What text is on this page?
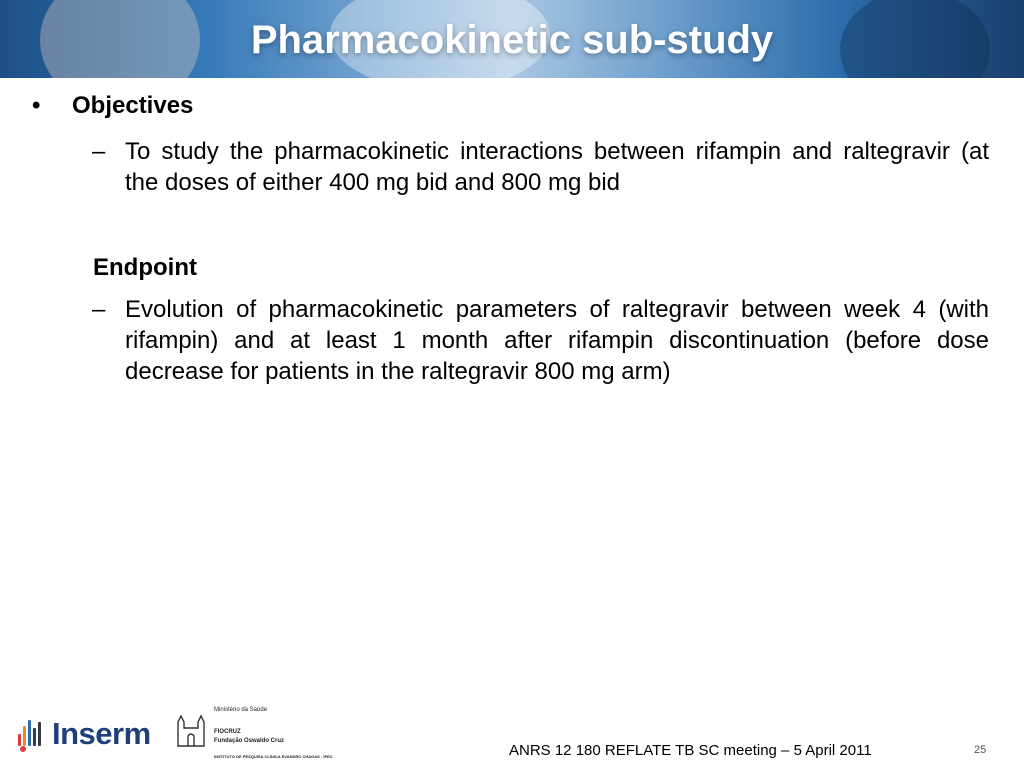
Pharmacokinetic sub-study
• Objectives
– To study the pharmacokinetic interactions between rifampin and raltegravir (at the doses of either 400 mg bid and 800 mg bid
Endpoint
– Evolution of pharmacokinetic parameters of raltegravir between week 4 (with rifampin) and at least 1 month after rifampin discontinuation (before dose decrease for patients in the raltegravir 800 mg arm)
Inserm
Ministério da Saúde
FIOCRUZ
Fundação Oswaldo Cruz
INSTITUTO DE PESQUISA CLÍNICA EVANDRO CHAGAS - IPEC	ANRS 12 180 REFLATE TB SC meeting – 5 April 2011	25
